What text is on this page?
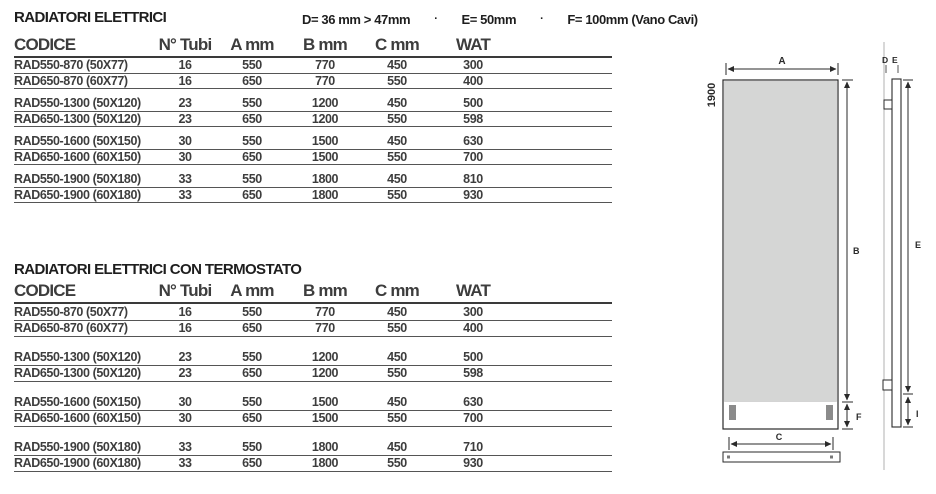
RADIATORI ELETTRICI	D= 36 mm > 47mm · E= 50mm · F= 100mm (Vano Cavi)
CODICE	N° Tubi	A mm	B mm	C mm	WAT
RAD550-870 (50X77)	16	550	770	450	300
RAD650-870 (60X77)	16	650	770	550	400
RAD550-1300 (50X120)	23	550	1200	450	500
RAD650-1300 (50X120)	23	650	1200	550	598
RAD550-1600 (50X150)	30	550	1500	450	630
RAD650-1600 (60X150)	30	650	1500	550	700
RAD550-1900 (50X180)	33	550	1800	450	810
RAD650-1900 (60X180)	33	650	1800	550	930
RADIATORI ELETTRICI CON TERMOSTATO
CODICE	N° Tubi	A mm	B mm	C mm	WAT
RAD550-870 (50X77)	16	550	770	450	300
RAD650-870 (60X77)	16	650	770	550	400
RAD550-1300 (50X120)	23	550	1200	450	500
RAD650-1300 (50X120)	23	650	1200	550	598
RAD550-1600 (50X150)	30	550	1500	450	630
RAD650-1600 (60X150)	30	650	1500	550	700
RAD550-1900 (50X180)	33	550	1800	450	710
RAD650-1900 (60X180)	33	650	1800	550	930
1900
A
B
F
C
D E
E
I
